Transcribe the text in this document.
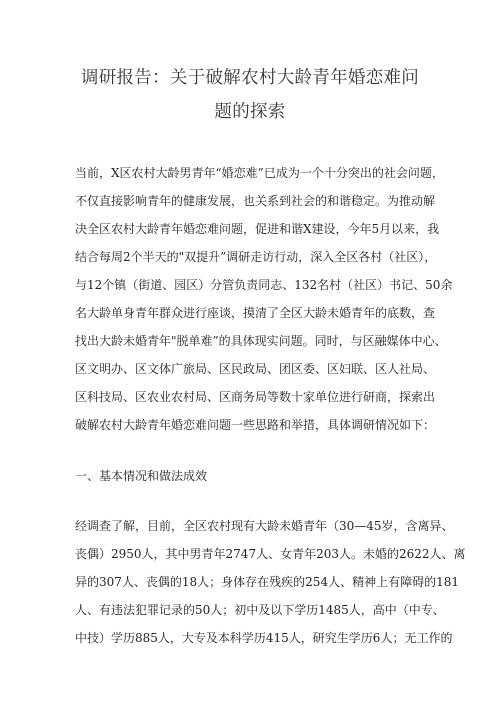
调研报告：关于破解农村大龄青年婚恋难问
题的探索
当前，X区农村大龄男青年“婚恋难”已成为一个十分突出的社会问题，
不仅直接影响青年的健康发展，也关系到社会的和谐稳定。为推动解
决全区农村大龄青年婚恋难问题，促进和谐X建设，今年5月以来，我
结合每周2个半天的"双提升”调研走访行动，深入全区各村（社区），
与12个镇（街道、园区）分管负责同志、132名村（社区）书记、50余
名大龄单身青年群众进行座谈，摸清了全区大龄未婚青年的底数，查
找出大龄未婚青年"脱单难”的具体现实问题。同时，与区融媒体中心、
区文明办、区文体广旅局、区民政局、团区委、区妇联、区人社局、
区科技局、区农业农村局、区商务局等数十家单位进行研商，探索出
破解农村大龄青年婚恋难问题一些思路和举措，具体调研情况如下：
一、基本情况和做法成效
经调查了解，目前，全区农村现有大龄未婚青年（30—45岁，含离异、
丧偶）2950人，其中男青年2747人、女青年203人。未婚的2622人、离
异的307人、丧偶的18人；身体存在残疾的254人、精神上有障碍的181
人、有违法犯罪记录的50人；初中及以下学历1485人，高中（中专、
中技）学历885人，大专及本科学历415人，研究生学历6人；无工作的
